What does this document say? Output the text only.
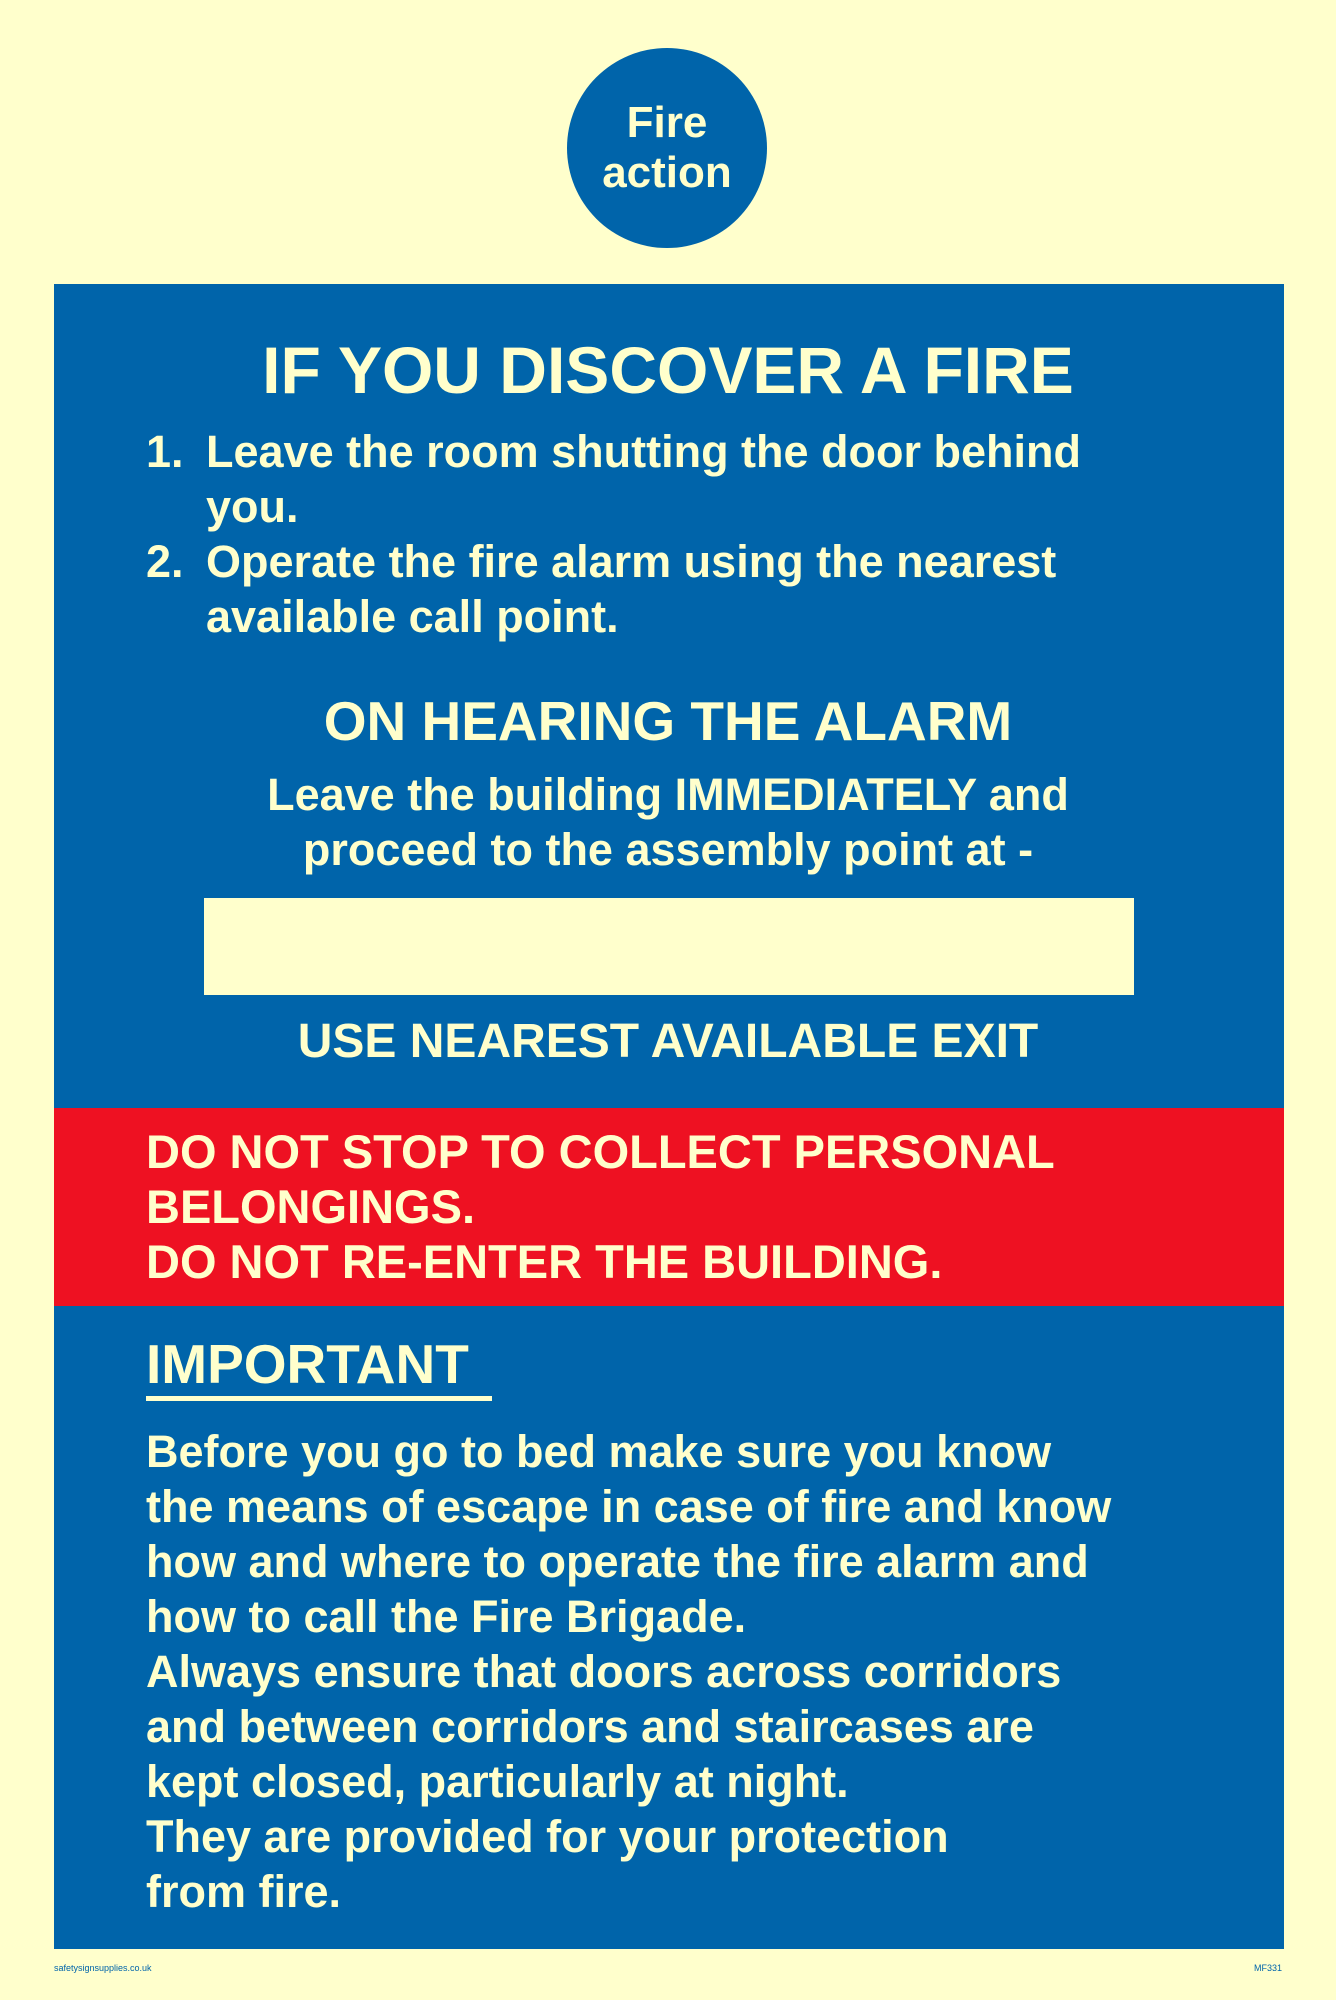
Fire
action
IF YOU DISCOVER A FIRE
1. Leave the room shutting the door behind
you.
2. Operate the fire alarm using the nearest
available call point.
ON HEARING THE ALARM
Leave the building IMMEDIATELY and
proceed to the assembly point at -
USE NEAREST AVAILABLE EXIT
DO NOT STOP TO COLLECT PERSONAL
BELONGINGS.
DO NOT RE-ENTER THE BUILDING.
IMPORTANT
Before you go to bed make sure you know
the means of escape in case of fire and know
how and where to operate the fire alarm and
how to call the Fire Brigade.
Always ensure that doors across corridors
and between corridors and staircases are
kept closed, particularly at night.
They are provided for your protection
from fire.
safetysignsupplies.co.uk	MF331
